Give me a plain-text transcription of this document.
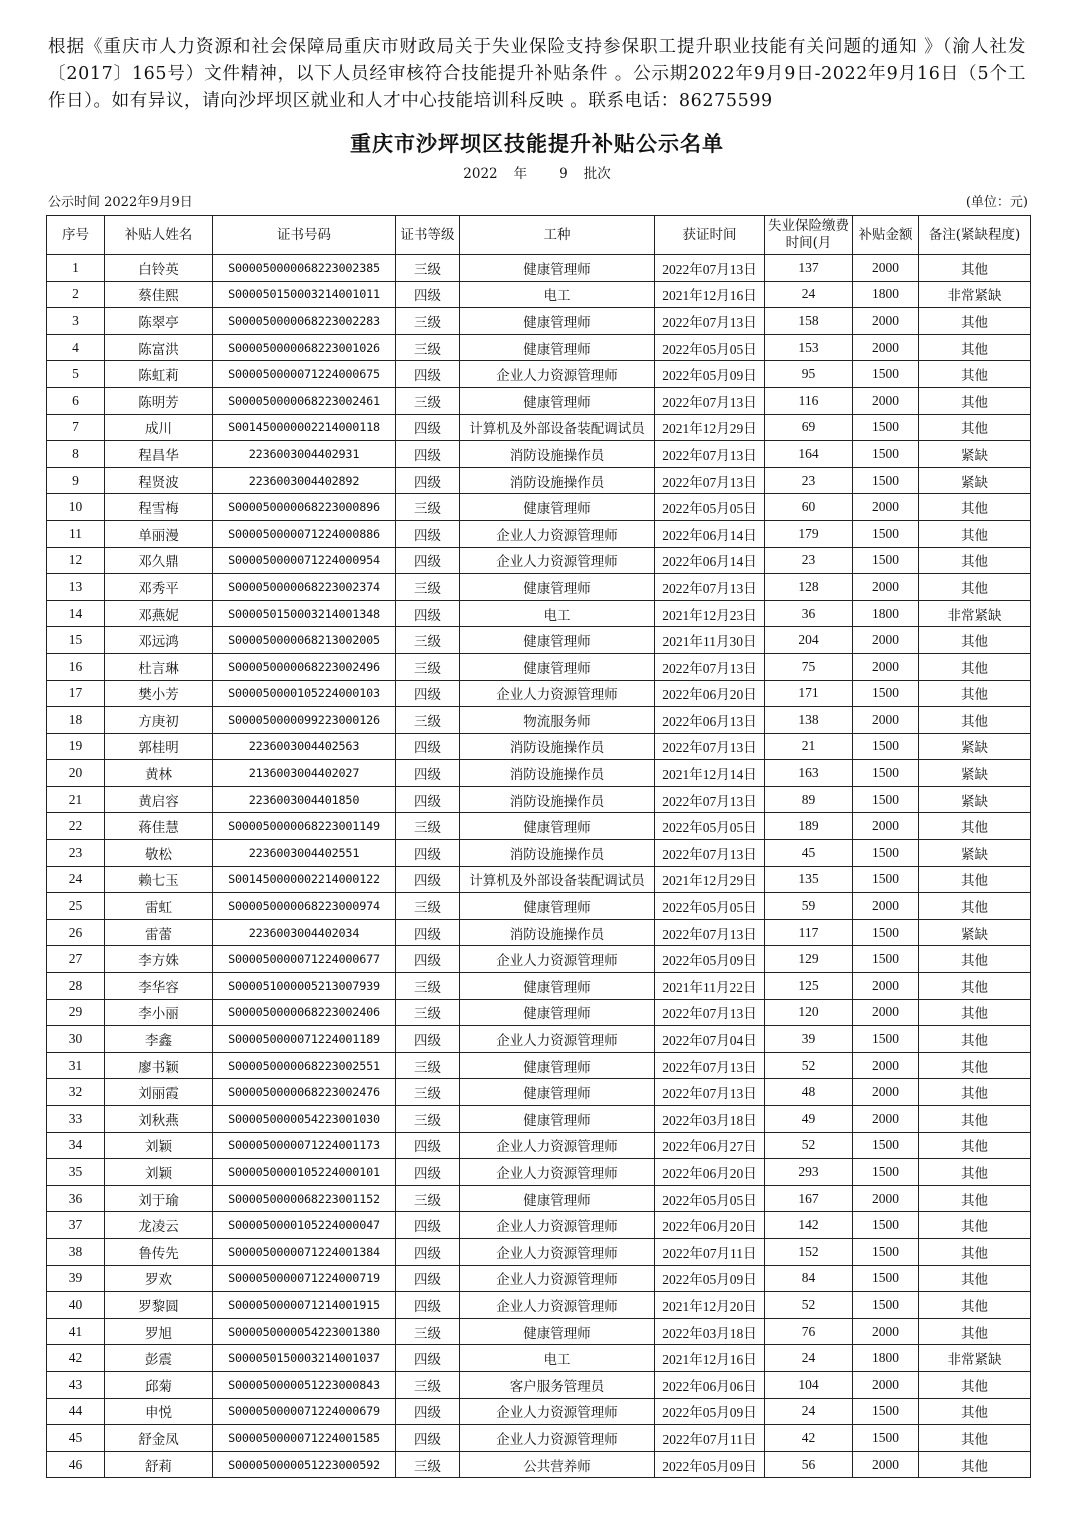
根据《重庆市人力资源和社会保障局重庆市财政局关于失业保险支持参保职工提升职业技能有关问题的通知 》（渝人社发〔2017〕165号）文件精神，以下人员经审核符合技能提升补贴条件 。公示期2022年9月9日-2022年9月16日（5个工作日）。如有异议，请向沙坪坝区就业和人才中心技能培训科反映 。联系电话：86275599
重庆市沙坪坝区技能提升补贴公示名单
2022 年 9 批次
公示时间 2022年9月9日	(单位：元)
序号	补贴人姓名	证书号码	证书等级	工种	获证时间	失业保险缴费时间(月	补贴金额	备注(紧缺程度)
1	白铃英	S000050000068223002385	三级	健康管理师	2022年07月13日	137	2000	其他
2	蔡佳熙	S000050150003214001011	四级	电工	2021年12月16日	24	1800	非常紧缺
3	陈翠亭	S000050000068223002283	三级	健康管理师	2022年07月13日	158	2000	其他
4	陈富洪	S000050000068223001026	三级	健康管理师	2022年05月05日	153	2000	其他
5	陈虹莉	S000050000071224000675	四级	企业人力资源管理师	2022年05月09日	95	1500	其他
6	陈明芳	S000050000068223002461	三级	健康管理师	2022年07月13日	116	2000	其他
7	成川	S001450000002214000118	四级	计算机及外部设备装配调试员	2021年12月29日	69	1500	其他
8	程昌华	2236003004402931	四级	消防设施操作员	2022年07月13日	164	1500	紧缺
9	程贤波	2236003004402892	四级	消防设施操作员	2022年07月13日	23	1500	紧缺
10	程雪梅	S000050000068223000896	三级	健康管理师	2022年05月05日	60	2000	其他
11	单丽漫	S000050000071224000886	四级	企业人力资源管理师	2022年06月14日	179	1500	其他
12	邓久鼎	S000050000071224000954	四级	企业人力资源管理师	2022年06月14日	23	1500	其他
13	邓秀平	S000050000068223002374	三级	健康管理师	2022年07月13日	128	2000	其他
14	邓燕妮	S000050150003214001348	四级	电工	2021年12月23日	36	1800	非常紧缺
15	邓远鸿	S000050000068213002005	三级	健康管理师	2021年11月30日	204	2000	其他
16	杜言琳	S000050000068223002496	三级	健康管理师	2022年07月13日	75	2000	其他
17	樊小芳	S000050000105224000103	四级	企业人力资源管理师	2022年06月20日	171	1500	其他
18	方庚初	S000050000099223000126	三级	物流服务师	2022年06月13日	138	2000	其他
19	郭桂明	2236003004402563	四级	消防设施操作员	2022年07月13日	21	1500	紧缺
20	黄林	2136003004402027	四级	消防设施操作员	2021年12月14日	163	1500	紧缺
21	黄启容	2236003004401850	四级	消防设施操作员	2022年07月13日	89	1500	紧缺
22	蒋佳慧	S000050000068223001149	三级	健康管理师	2022年05月05日	189	2000	其他
23	敬松	2236003004402551	四级	消防设施操作员	2022年07月13日	45	1500	紧缺
24	赖七玉	S001450000002214000122	四级	计算机及外部设备装配调试员	2021年12月29日	135	1500	其他
25	雷虹	S000050000068223000974	三级	健康管理师	2022年05月05日	59	2000	其他
26	雷蕾	2236003004402034	四级	消防设施操作员	2022年07月13日	117	1500	紧缺
27	李方姝	S000050000071224000677	四级	企业人力资源管理师	2022年05月09日	129	1500	其他
28	李华容	S000051000005213007939	三级	健康管理师	2021年11月22日	125	2000	其他
29	李小丽	S000050000068223002406	三级	健康管理师	2022年07月13日	120	2000	其他
30	李鑫	S000050000071224001189	四级	企业人力资源管理师	2022年07月04日	39	1500	其他
31	廖书颖	S000050000068223002551	三级	健康管理师	2022年07月13日	52	2000	其他
32	刘丽霞	S000050000068223002476	三级	健康管理师	2022年07月13日	48	2000	其他
33	刘秋燕	S000050000054223001030	三级	健康管理师	2022年03月18日	49	2000	其他
34	刘颖	S000050000071224001173	四级	企业人力资源管理师	2022年06月27日	52	1500	其他
35	刘颖	S000050000105224000101	四级	企业人力资源管理师	2022年06月20日	293	1500	其他
36	刘于瑜	S000050000068223001152	三级	健康管理师	2022年05月05日	167	2000	其他
37	龙凌云	S000050000105224000047	四级	企业人力资源管理师	2022年06月20日	142	1500	其他
38	鲁传先	S000050000071224001384	四级	企业人力资源管理师	2022年07月11日	152	1500	其他
39	罗欢	S000050000071224000719	四级	企业人力资源管理师	2022年05月09日	84	1500	其他
40	罗黎圆	S000050000071214001915	四级	企业人力资源管理师	2021年12月20日	52	1500	其他
41	罗旭	S000050000054223001380	三级	健康管理师	2022年03月18日	76	2000	其他
42	彭震	S000050150003214001037	四级	电工	2021年12月16日	24	1800	非常紧缺
43	邱菊	S000050000051223000843	三级	客户服务管理员	2022年06月06日	104	2000	其他
44	申悦	S000050000071224000679	四级	企业人力资源管理师	2022年05月09日	24	1500	其他
45	舒金凤	S000050000071224001585	四级	企业人力资源管理师	2022年07月11日	42	1500	其他
46	舒莉	S000050000051223000592	三级	公共营养师	2022年05月09日	56	2000	其他
